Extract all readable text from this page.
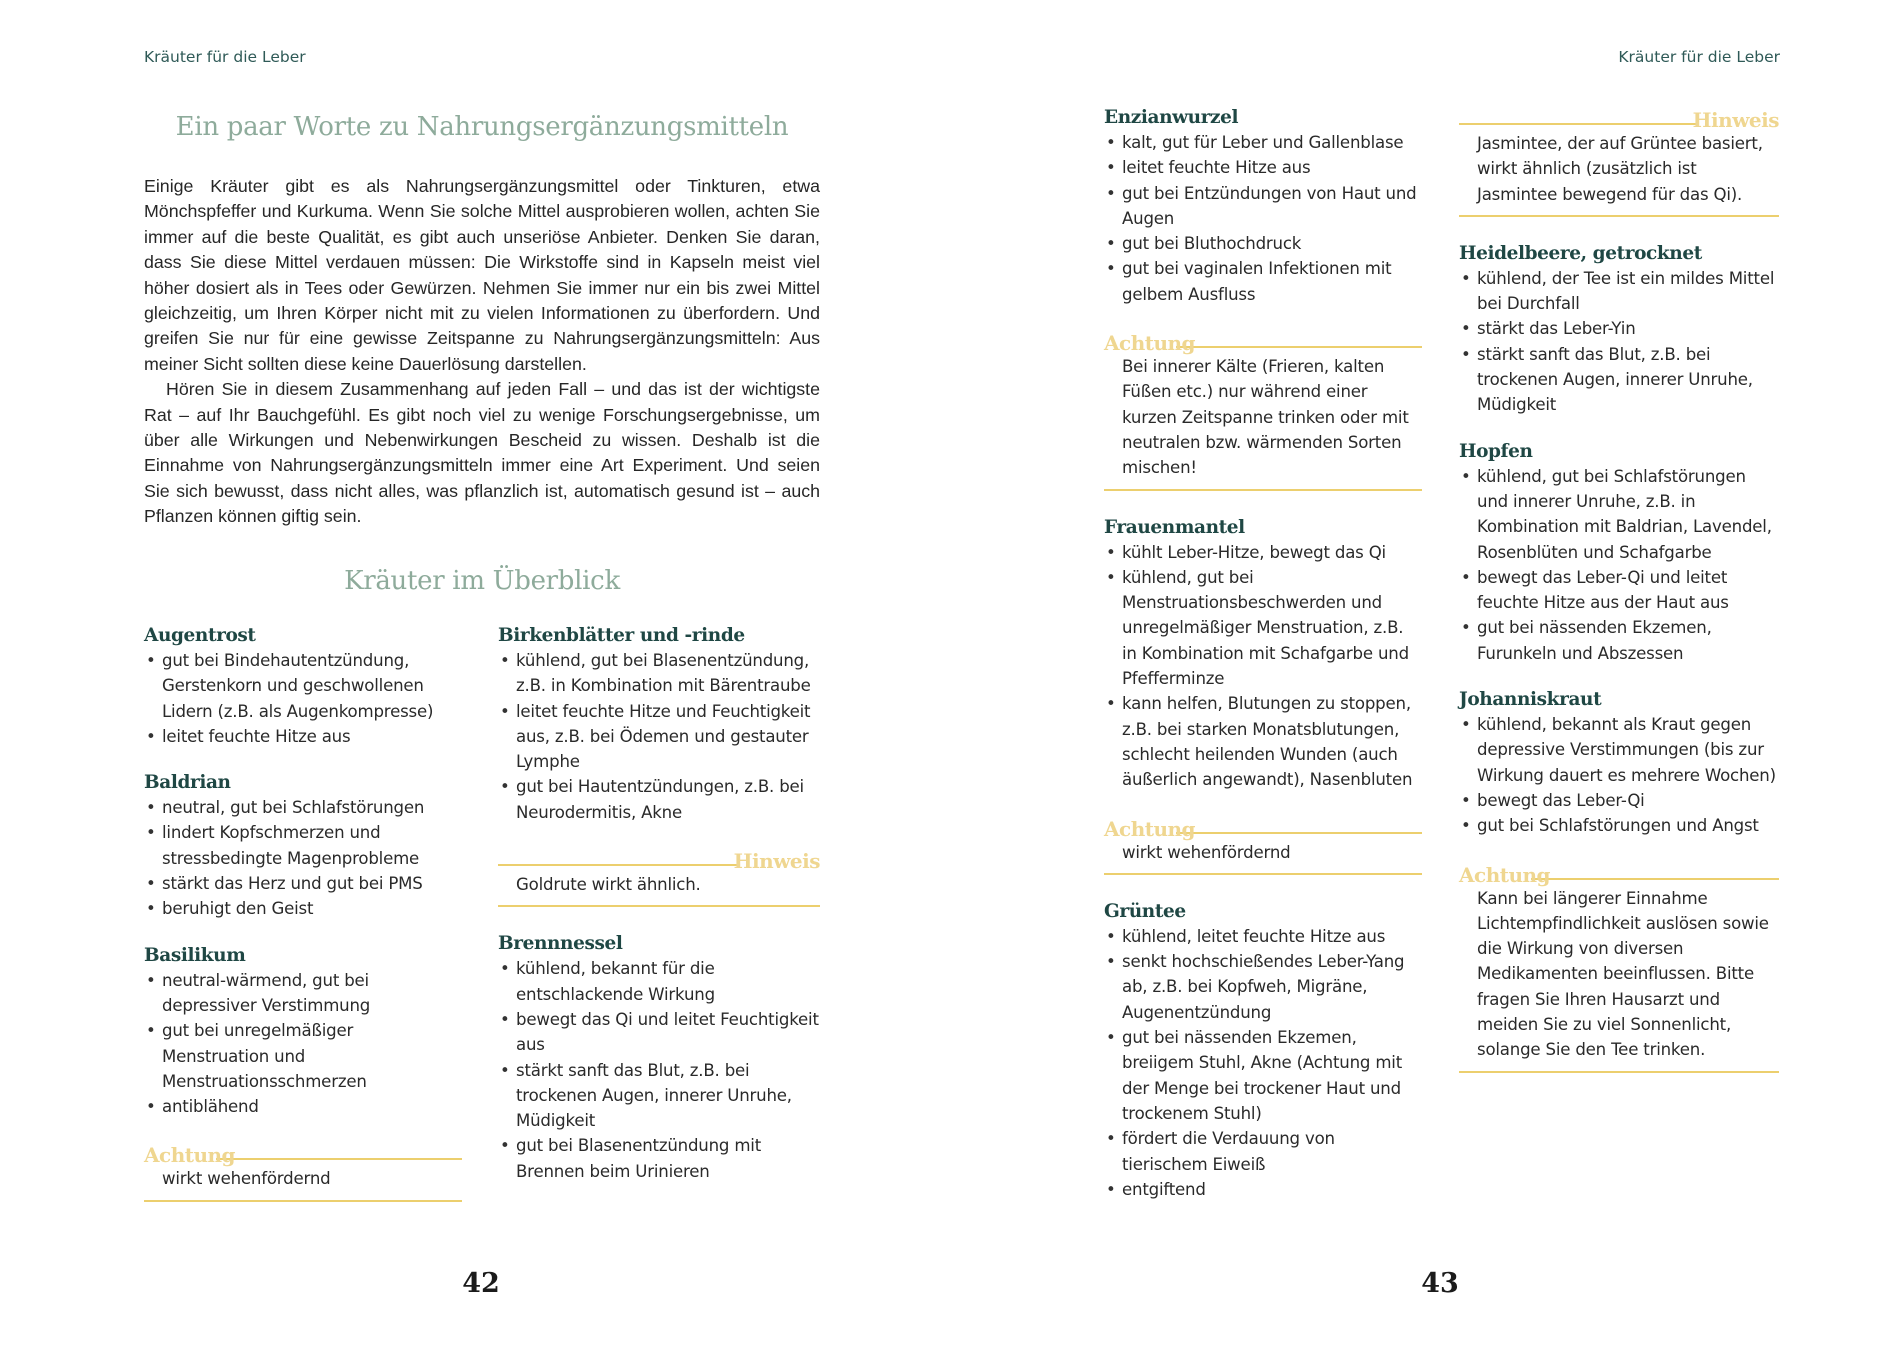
Kräuter für die Leber
Ein paar Worte zu Nahrungsergänzungsmitteln

Einige Kräuter gibt es als Nahrungsergänzungsmittel oder Tinkturen, etwa Mönchspfeffer und Kurkuma. Wenn Sie solche Mittel ausprobieren wollen, achten Sie immer auf die beste Qualität, es gibt auch unseriöse Anbieter. Denken Sie daran, dass Sie diese Mittel verdauen müssen: Die Wirkstoffe sind in Kapseln meist viel höher dosiert als in Tees oder Gewürzen. Nehmen Sie immer nur ein bis zwei Mittel gleichzeitig, um Ihren Körper nicht mit zu vielen Informationen zu überfordern. Und greifen Sie nur für eine gewisse Zeitspanne zu Nahrungsergänzungsmitteln: Aus meiner Sicht sollten diese keine Dauerlösung darstellen.

Hören Sie in diesem Zusammenhang auf jeden Fall – und das ist der wichtigste Rat – auf Ihr Bauchgefühl. Es gibt noch viel zu wenige Forschungsergebnisse, um über alle Wirkungen und Nebenwirkungen Bescheid zu wissen. Deshalb ist die Einnahme von Nahrungsergänzungsmitteln immer eine Art Experiment. Und seien Sie sich bewusst, dass nicht alles, was pflanzlich ist, automatisch gesund ist – auch Pflanzen können giftig sein.

Kräuter im Überblick
Augentrost
• gut bei Bindehautentzündung, Gerstenkorn und geschwollenen Lidern (z.B. als Augenkompresse)
• leitet feuchte Hitze aus
Baldrian
• neutral, gut bei Schlafstörungen
• lindert Kopfschmerzen und stressbedingte Magenprobleme
• stärkt das Herz und gut bei PMS
• beruhigt den Geist
Basilikum
• neutral-wärmend, gut bei depressiver Verstimmung
• gut bei unregelmäßiger Menstruation und Menstruationsschmerzen
• antiblähend
Achtung
wirkt wehenfördernd
Birkenblätter und -rinde
• kühlend, gut bei Blasenentzündung, z.B. in Kombination mit Bärentraube
• leitet feuchte Hitze und Feuchtigkeit aus, z.B. bei Ödemen und gestauter Lymphe
• gut bei Hautentzündungen, z.B. bei Neurodermitis, Akne
Hinweis
Goldrute wirkt ähnlich.
Brennnessel
• kühlend, bekannt für die entschlackende Wirkung
• bewegt das Qi und leitet Feuchtigkeit aus
• stärkt sanft das Blut, z.B. bei trockenen Augen, innerer Unruhe, Müdigkeit
• gut bei Blasenentzündung mit Brennen beim Urinieren
42
Kräuter für die Leber
Enzianwurzel
• kalt, gut für Leber und Gallenblase
• leitet feuchte Hitze aus
• gut bei Entzündungen von Haut und Augen
• gut bei Bluthochdruck
• gut bei vaginalen Infektionen mit gelbem Ausfluss
Achtung
Bei innerer Kälte (Frieren, kalten Füßen etc.) nur während einer kurzen Zeitspanne trinken oder mit neutralen bzw. wärmenden Sorten mischen!
Frauenmantel
• kühlt Leber-Hitze, bewegt das Qi
• kühlend, gut bei Menstruationsbeschwerden und unregelmäßiger Menstruation, z.B. in Kombination mit Schafgarbe und Pfefferminze
• kann helfen, Blutungen zu stoppen, z.B. bei starken Monatsblutungen, schlecht heilenden Wunden (auch äußerlich angewandt), Nasenbluten
Achtung
wirkt wehenfördernd
Grüntee
• kühlend, leitet feuchte Hitze aus
• senkt hochschießendes Leber-Yang ab, z.B. bei Kopfweh, Migräne, Augenentzündung
• gut bei nässenden Ekzemen, breiigem Stuhl, Akne (Achtung mit der Menge bei trockener Haut und trockenem Stuhl)
• fördert die Verdauung von tierischem Eiweiß
• entgiftend
Hinweis
Jasmintee, der auf Grüntee basiert, wirkt ähnlich (zusätzlich ist Jasmintee bewegend für das Qi).
Heidelbeere, getrocknet
• kühlend, der Tee ist ein mildes Mittel bei Durchfall
• stärkt das Leber-Yin
• stärkt sanft das Blut, z.B. bei trockenen Augen, innerer Unruhe, Müdigkeit
Hopfen
• kühlend, gut bei Schlafstörungen und innerer Unruhe, z.B. in Kombination mit Baldrian, Lavendel, Rosenblüten und Schafgarbe
• bewegt das Leber-Qi und leitet feuchte Hitze aus der Haut aus
• gut bei nässenden Ekzemen, Furunkeln und Abszessen
Johanniskraut
• kühlend, bekannt als Kraut gegen depressive Verstimmungen (bis zur Wirkung dauert es mehrere Wochen)
• bewegt das Leber-Qi
• gut bei Schlafstörungen und Angst
Achtung
Kann bei längerer Einnahme Lichtempfindlichkeit auslösen sowie die Wirkung von diversen Medikamenten beeinflussen. Bitte fragen Sie Ihren Hausarzt und meiden Sie zu viel Sonnenlicht, solange Sie den Tee trinken.
43
